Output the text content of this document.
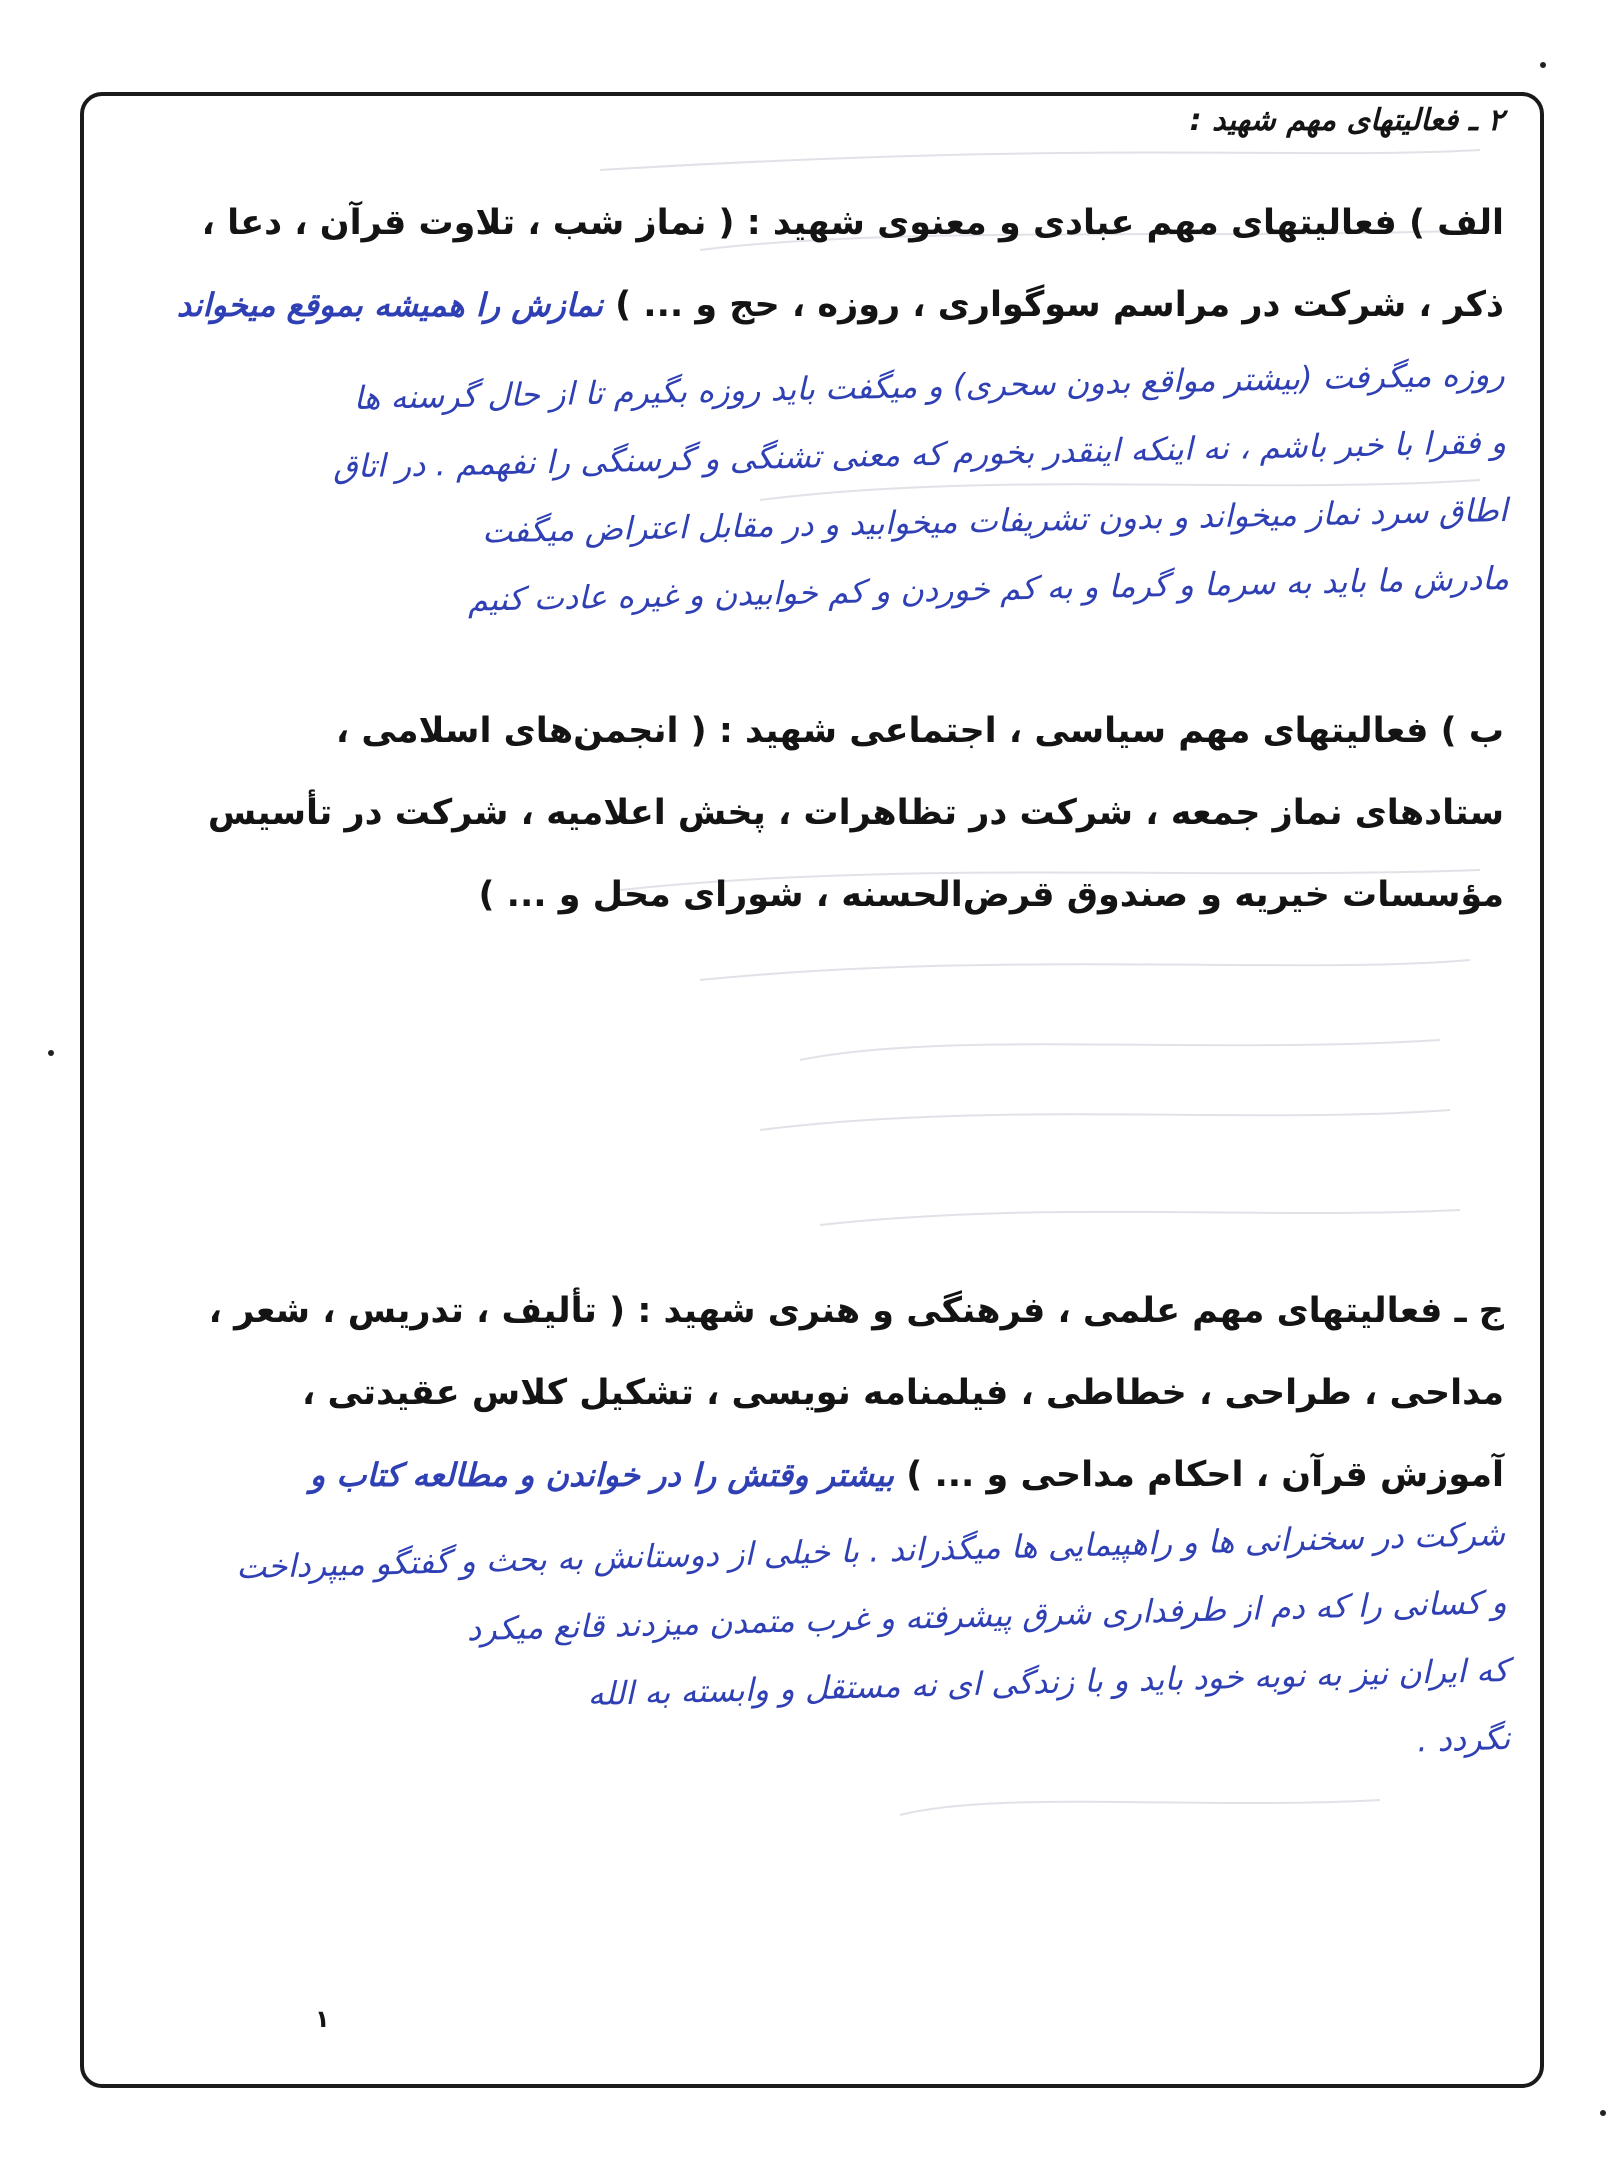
۲ ـ فعالیتهای مهم شهید :

الف ) فعالیتهای مهم عبادی و معنوی شهید : ( نماز شب ، تلاوت قرآن ، دعا ،

ذکر ، شرکت در مراسم سوگواری ، روزه ، حج و ... ) نمازش را همیشه بموقع میخواند

روزه میگرفت (بیشتر مواقع بدون سحری) و میگفت باید روزه بگیرم تا از حال گرسنه ها

و فقرا با خبر باشم ، نه اینکه اینقدر بخورم که معنی تشنگی و گرسنگی را نفهمم . در اتاق

اطاق سرد نماز میخواند و بدون تشریفات میخوابید و در مقابل اعتراض میگفت

مادرش ما باید به سرما و گرما و به کم خوردن و کم خوابیدن و غیره عادت کنیم

ب ) فعالیتهای مهم سیاسی ، اجتماعی شهید : ( انجمن‌های اسلامی ،

ستادهای نماز جمعه ، شرکت در تظاهرات ، پخش اعلامیه ، شرکت در تأسیس

مؤسسات خیریه و صندوق قرض‌الحسنه ، شورای محل و ... )

ج ـ فعالیتهای مهم علمی ، فرهنگی و هنری شهید : ( تألیف ، تدریس ، شعر ،

مداحی ، طراحی ، خطاطی ، فیلمنامه نویسی ، تشکیل کلاس عقیدتی ،

آموزش قرآن ، احکام مداحی و ... ) بیشتر وقتش را در خواندن و مطالعه کتاب و

شرکت در سخنرانی ها و راهپیمایی ها میگذراند . با خیلی از دوستانش به بحث و گفتگو میپرداخت

و کسانی را که دم از طرفداری شرق پیشرفته و غرب متمدن میزدند قانع میکرد

که ایران نیز به نوبه خود باید و با زندگی ای نه مستقل و وابسته به الله

نگردد .

۱
